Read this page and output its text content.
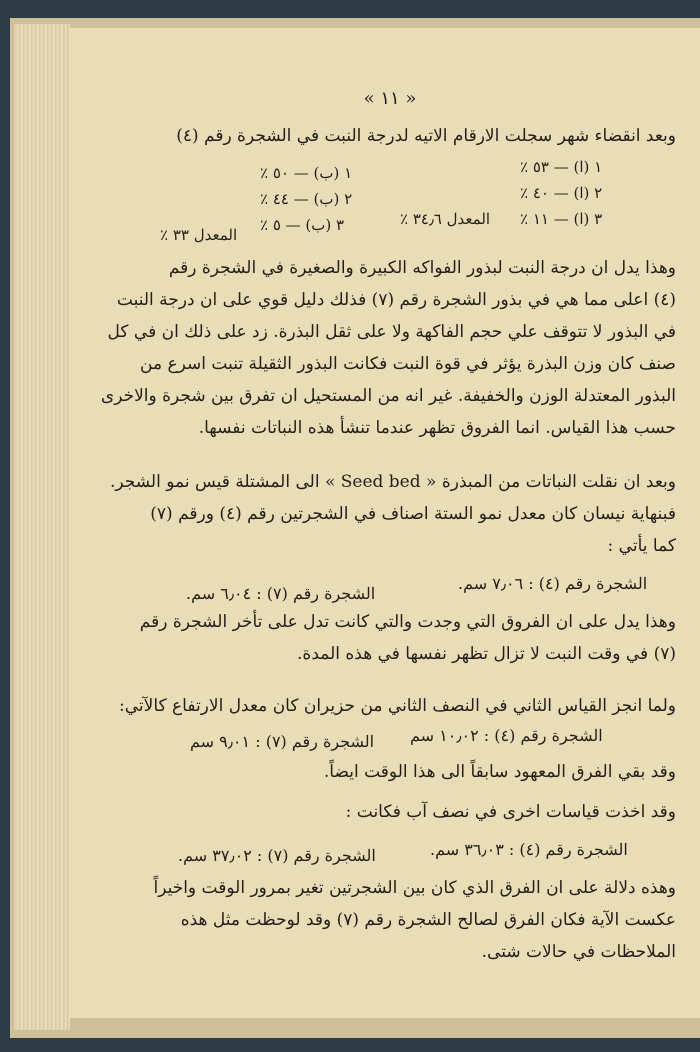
« ١١ »
وبعد انقضاء شهر سجلت الارقام الاتيه لدرجة النبت في الشجرة رقم (٤)
١ (ا) — ٥٣ ٪
٢ (ا) — ٤٠ ٪
٣ (ا) — ١١ ٪
المعدل ٣٤٫٦ ٪
١ (ب) — ٥٠ ٪
٢ (ب) — ٤٤ ٪
٣ (ب) — ٥ ٪
المعدل ٣٣ ٪
وهذا يدل ان درجة النبت لبذور الفواكه الكبيرة والصغيرة في الشجرة رقم
(٤) اعلى مما هي في بذور الشجرة رقم (٧) فذلك دليل قوي على ان درجة النبت
في البذور لا تتوقف علي حجم الفاكهة ولا على ثقل البذرة. زد على ذلك ان في كل
صنف كان وزن البذرة يؤثر في قوة النبت فكانت البذور الثقيلة تنبت اسرع من
البذور المعتدلة الوزن والخفيفة. غير انه من المستحيل ان تفرق بين شجرة والاخرى
حسب هذا القياس. انما الفروق تظهر عندما تنشأ هذه النباتات نفسها.
وبعد ان نقلت النباتات من المبذرة « Seed bed » الى المشتلة قيس نمو الشجر.
فبنهاية نيسان كان معدل نمو الستة اصناف في الشجرتين رقم (٤) ورقم (٧)
كما يأتي :
الشجرة رقم (٤) : ٧٫٠٦ سم.
الشجرة رقم (٧) : ٦٫٠٤ سم.
وهذا يدل على ان الفروق التي وجدت والتي كانت تدل على تأخر الشجرة رقم
(٧) في وقت النبت لا تزال تظهر نفسها في هذه المدة.
ولما انجز القياس الثاني في النصف الثاني من حزيران كان معدل الارتفاع كالآتي:
الشجرة رقم (٤) : ١٠٫٠٢ سم
الشجرة رقم (٧) : ٩٫٠١ سم
وقد بقي الفرق المعهود سابقاً الى هذا الوقت ايضاً.
وقد اخذت قياسات اخرى في نصف آب فكانت :
الشجرة رقم (٤) : ٣٦٫٠٣ سم.
الشجرة رقم (٧) : ٣٧٫٠٢ سم.
وهذه دلالة على ان الفرق الذي كان بين الشجرتين تغير بمرور الوقت واخيراً
عكست الآية فكان الفرق لصالح الشجرة رقم (٧) وقد لوحظت مثل هذه
الملاحظات في حالات شتى.
